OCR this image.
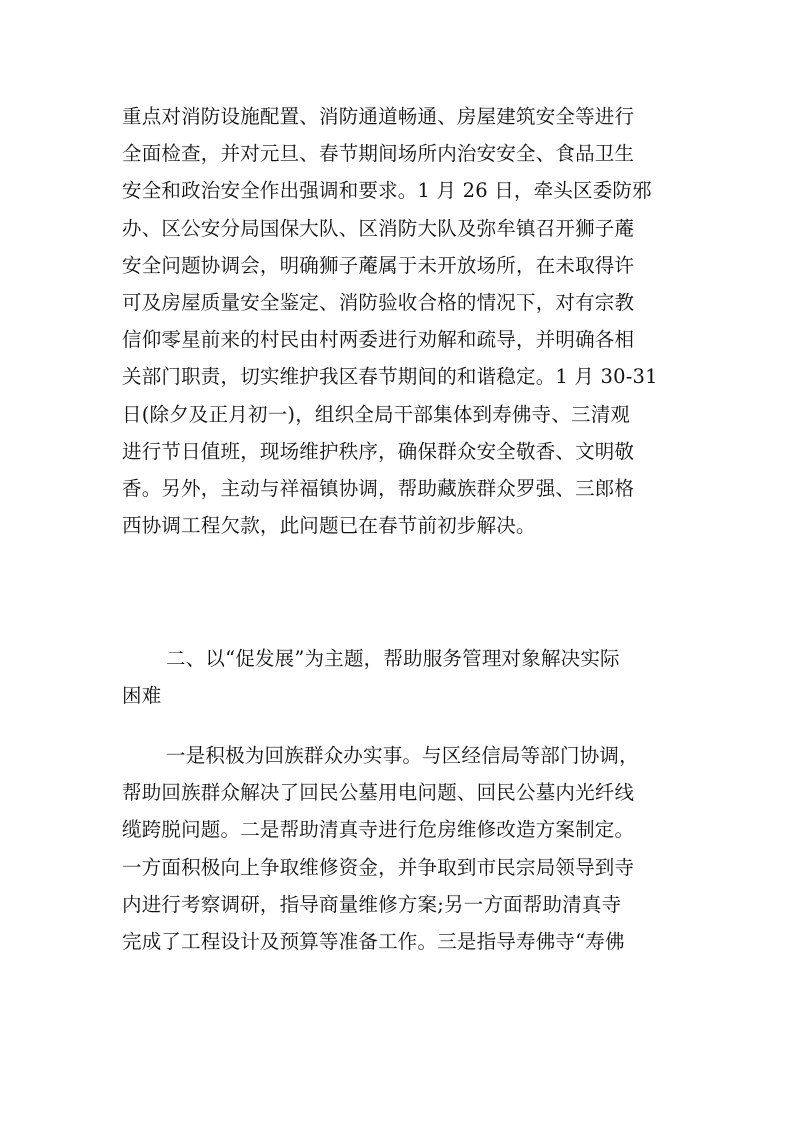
重点对消防设施配置、消防通道畅通、房屋建筑安全等进行
全面检查，并对元旦、春节期间场所内治安安全、食品卫生
安全和政治安全作出强调和要求。1 月 26 日，牵头区委防邪
办、区公安分局国保大队、区消防大队及弥牟镇召开狮子蓭
安全问题协调会，明确狮子蓭属于未开放场所，在未取得许
可及房屋质量安全鉴定、消防验收合格的情况下，对有宗教
信仰零星前来的村民由村两委进行劝解和疏导，并明确各相
关部门职责，切实维护我区春节期间的和谐稳定。1 月 30-31
日(除夕及正月初一)，组织全局干部集体到寿佛寺、三清观
进行节日值班，现场维护秩序，确保群众安全敬香、文明敬
香。另外，主动与祥福镇协调，帮助藏族群众罗强、三郎格
西协调工程欠款，此问题已在春节前初步解决。
二、以“促发展”为主题，帮助服务管理对象解决实际
困难
一是积极为回族群众办实事。与区经信局等部门协调，
帮助回族群众解决了回民公墓用电问题、回民公墓内光纤线
缆跨脱问题。二是帮助清真寺进行危房维修改造方案制定。
一方面积极向上争取维修资金，并争取到市民宗局领导到寺
内进行考察调研，指导商量维修方案;另一方面帮助清真寺
完成了工程设计及预算等准备工作。三是指导寿佛寺“寿佛
